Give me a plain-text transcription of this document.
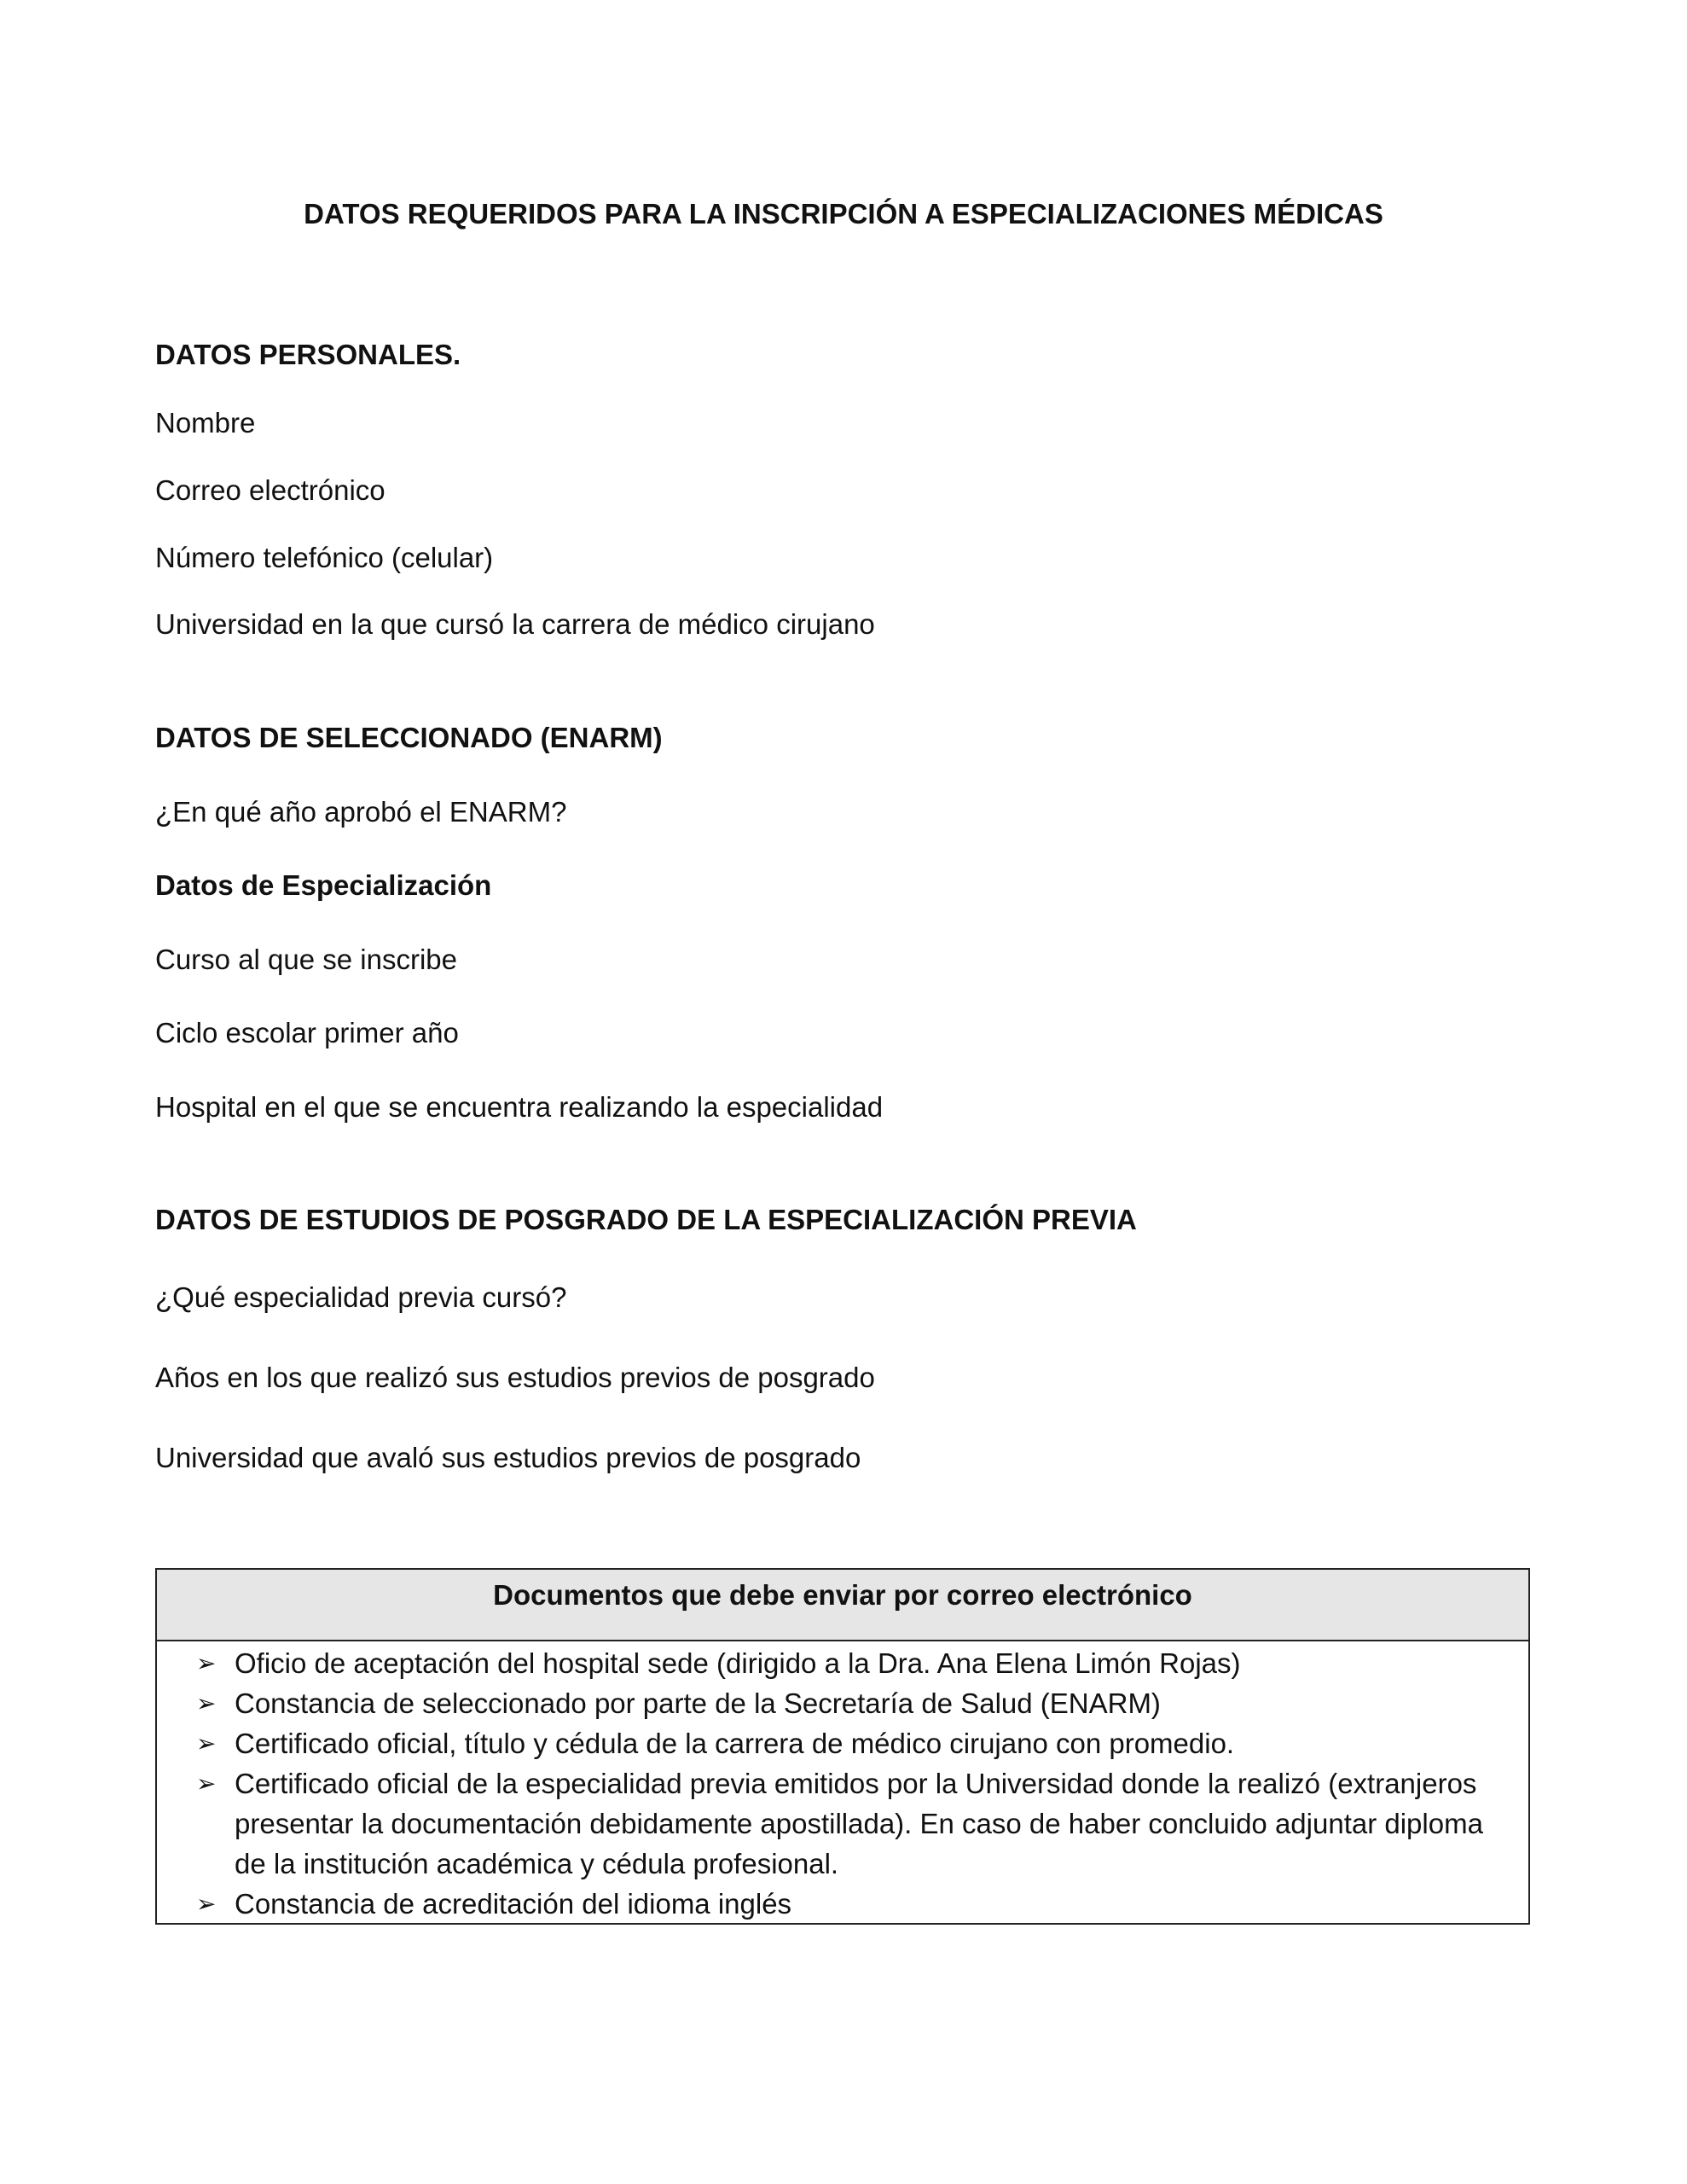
DATOS REQUERIDOS PARA LA INSCRIPCIÓN A ESPECIALIZACIONES MÉDICAS
DATOS PERSONALES.
Nombre
Correo electrónico
Número telefónico (celular)
Universidad en la que cursó la carrera de médico cirujano
DATOS DE SELECCIONADO (ENARM)
¿En qué año aprobó el ENARM?
Datos de Especialización
Curso al que se inscribe
Ciclo escolar primer año
Hospital en el que se encuentra realizando la especialidad
DATOS DE ESTUDIOS DE POSGRADO DE LA ESPECIALIZACIÓN PREVIA
¿Qué especialidad previa cursó?
Años en los que realizó sus estudios previos de posgrado
Universidad que avaló sus estudios previos de posgrado
Documentos que debe enviar por correo electrónico
➢ Oficio de aceptación del hospital sede (dirigido a la Dra. Ana Elena Limón Rojas)
➢ Constancia de seleccionado por parte de la Secretaría de Salud (ENARM)
➢ Certificado oficial, título y cédula de la carrera de médico cirujano con promedio.
➢ Certificado oficial de la especialidad previa emitidos por la Universidad donde la realizó (extranjeros presentar la documentación debidamente apostillada). En caso de haber concluido adjuntar diploma de la institución académica y cédula profesional.
➢ Constancia de acreditación del idioma inglés
